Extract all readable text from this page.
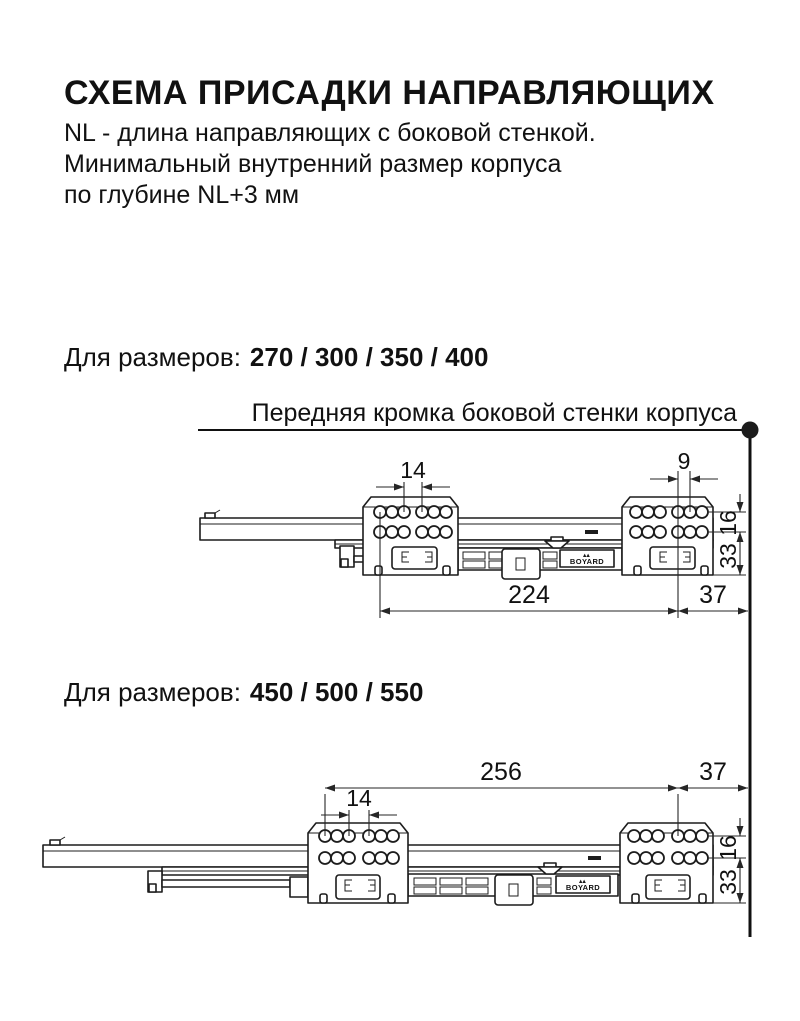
СХЕМА ПРИСАДКИ НАПРАВЛЯЮЩИХ
NL - длина направляющих с боковой стенкой.
Минимальный внутренний размер корпуса
по глубине NL+3 мм
Для размеров: 270 / 300 / 350 / 400
Передняя кромка боковой стенки корпуса
BOYARD
14	9
16
33
224	37
Для размеров: 450 / 500 / 550
BOYARD
256	37
14
16
33
